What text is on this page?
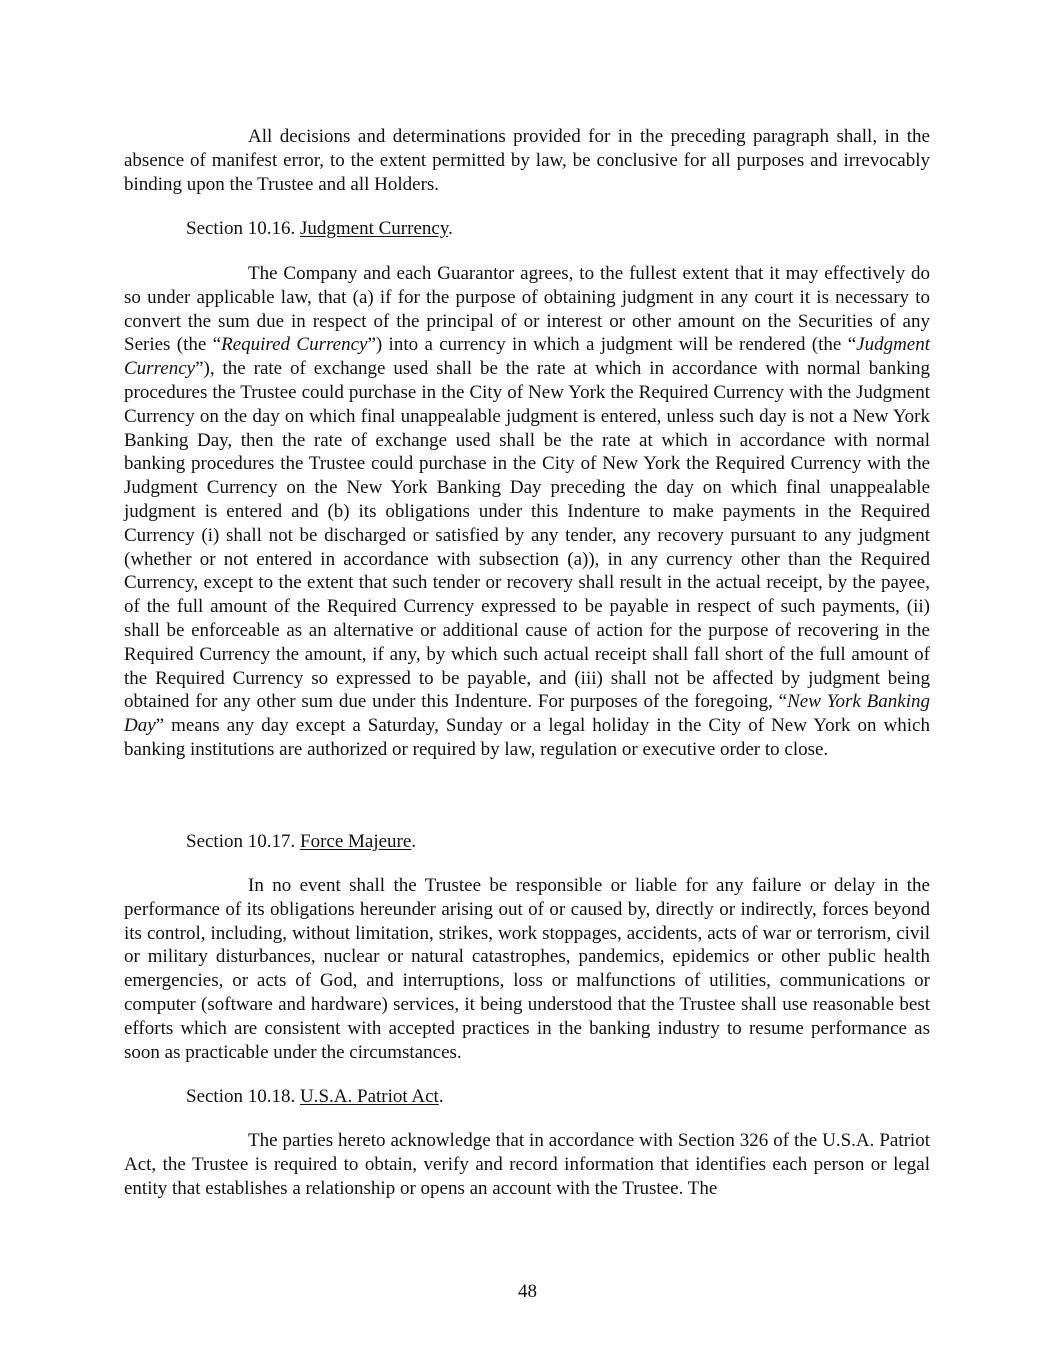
All decisions and determinations provided for in the preceding paragraph shall, in the absence of manifest error, to the extent permitted by law, be conclusive for all purposes and irrevocably binding upon the Trustee and all Holders.

Section 10.16. Judgment Currency.

The Company and each Guarantor agrees, to the fullest extent that it may effectively do so under applicable law, that (a) if for the purpose of obtaining judgment in any court it is necessary to convert the sum due in respect of the principal of or interest or other amount on the Securities of any Series (the “Required Currency”) into a currency in which a judgment will be rendered (the “Judgment Currency”), the rate of exchange used shall be the rate at which in accordance with normal banking procedures the Trustee could purchase in the City of New York the Required Currency with the Judgment Currency on the day on which final unappealable judgment is entered, unless such day is not a New York Banking Day, then the rate of exchange used shall be the rate at which in accordance with normal banking procedures the Trustee could purchase in the City of New York the Required Currency with the Judgment Currency on the New York Banking Day preceding the day on which final unappealable judgment is entered and (b) its obligations under this Indenture to make payments in the Required Currency (i) shall not be discharged or satisfied by any tender, any recovery pursuant to any judgment (whether or not entered in accordance with subsection (a)), in any currency other than the Required Currency, except to the extent that such tender or recovery shall result in the actual receipt, by the payee, of the full amount of the Required Currency expressed to be payable in respect of such payments, (ii) shall be enforceable as an alternative or additional cause of action for the purpose of recovering in the Required Currency the amount, if any, by which such actual receipt shall fall short of the full amount of the Required Currency so expressed to be payable, and (iii) shall not be affected by judgment being obtained for any other sum due under this Indenture. For purposes of the foregoing, “New York Banking Day” means any day except a Saturday, Sunday or a legal holiday in the City of New York on which banking institutions are authorized or required by law, regulation or executive order to close.

Section 10.17. Force Majeure.

In no event shall the Trustee be responsible or liable for any failure or delay in the performance of its obligations hereunder arising out of or caused by, directly or indirectly, forces beyond its control, including, without limitation, strikes, work stoppages, accidents, acts of war or terrorism, civil or military disturbances, nuclear or natural catastrophes, pandemics, epidemics or other public health emergencies, or acts of God, and interruptions, loss or malfunctions of utilities, communications or computer (software and hardware) services, it being understood that the Trustee shall use reasonable best efforts which are consistent with accepted practices in the banking industry to resume performance as soon as practicable under the circumstances.

Section 10.18. U.S.A. Patriot Act.

The parties hereto acknowledge that in accordance with Section 326 of the U.S.A. Patriot Act, the Trustee is required to obtain, verify and record information that identifies each person or legal entity that establishes a relationship or opens an account with the Trustee. The

48
